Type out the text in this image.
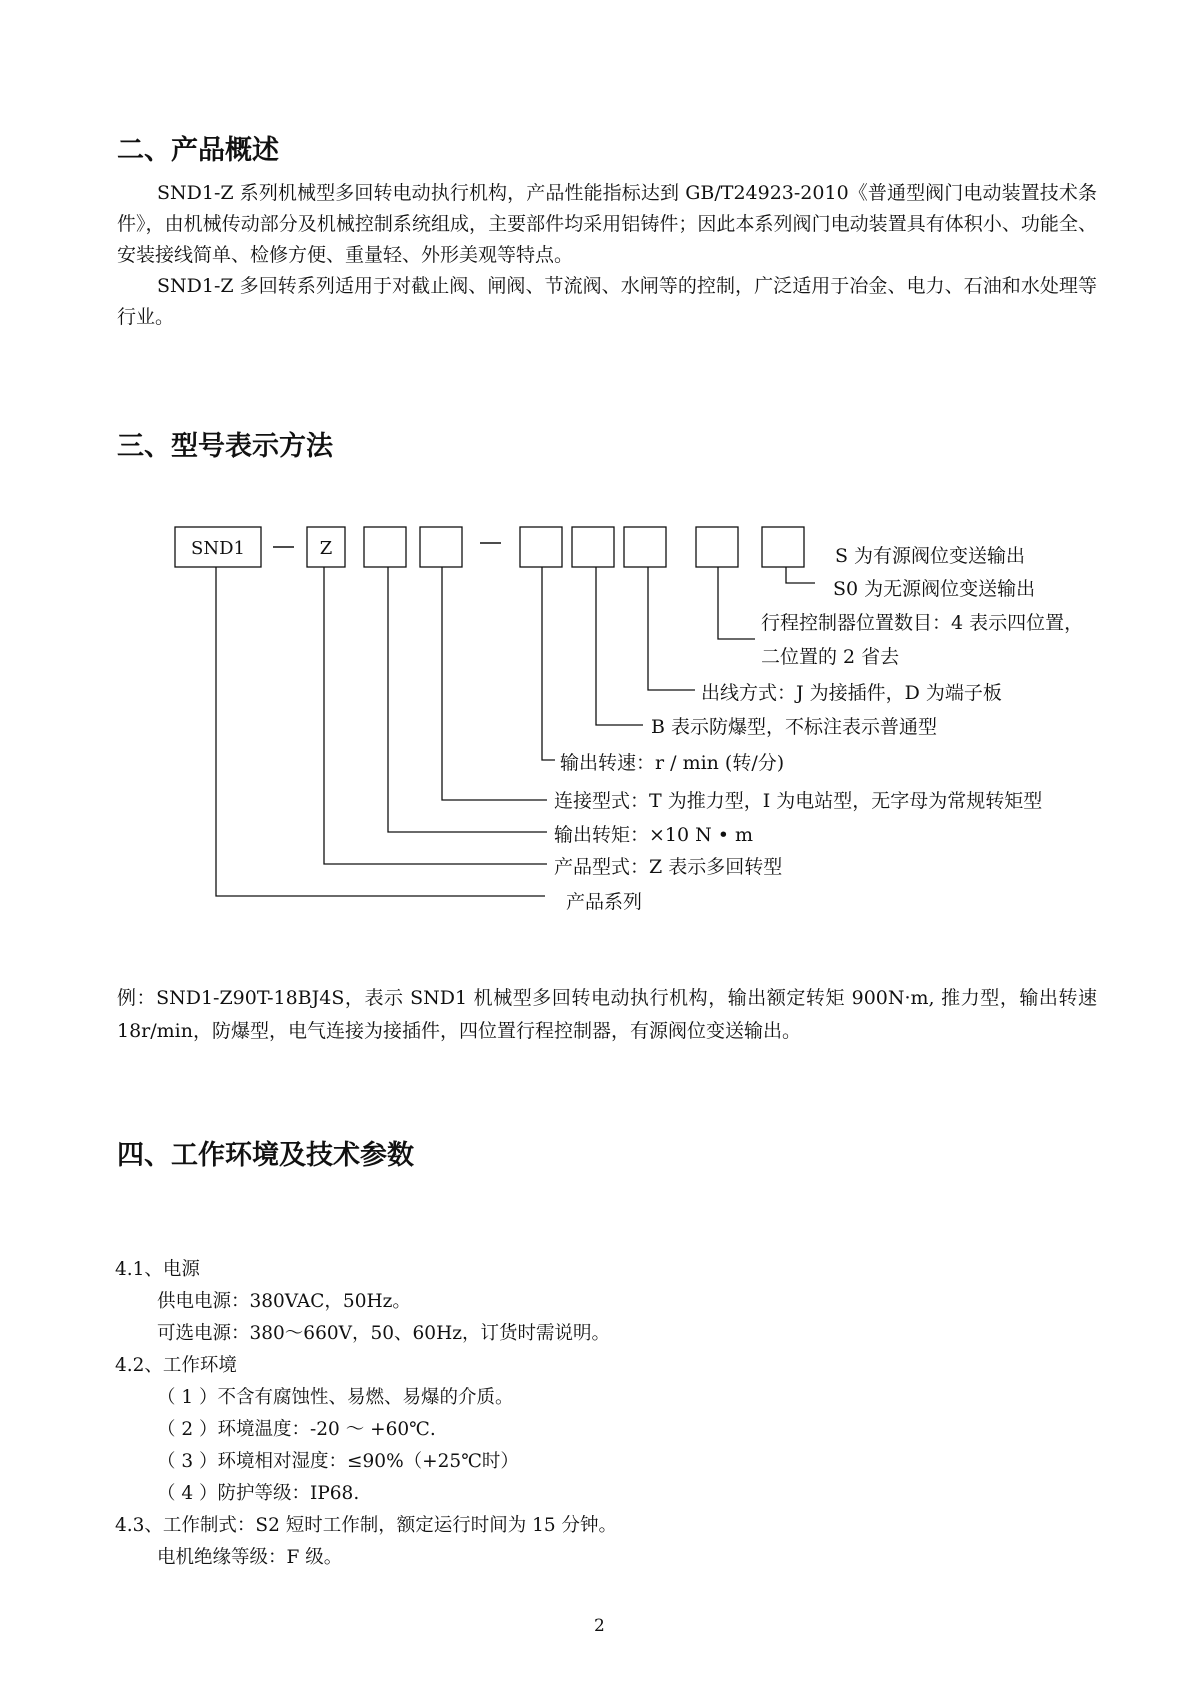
二、产品概述

SND1-Z 系列机械型多回转电动执行机构，产品性能指标达到 GB/T24923-2010《普通型阀门电动装置技术条件》，由机械传动部分及机械控制系统组成，主要部件均采用铝铸件；因此本系列阀门电动装置具有体积小、功能全、安装接线简单、检修方便、重量轻、外形美观等特点。

SND1-Z 多回转系列适用于对截止阀、闸阀、节流阀、水闸等的控制，广泛适用于冶金、电力、石油和水处理等行业。

三、型号表示方法
SND1	Z	S 为有源阀位变送输出
S0 为无源阀位变送输出
行程控制器位置数目：4 表示四位置，
二位置的 2 省去
出线方式：J 为接插件，D 为端子板
B 表示防爆型，不标注表示普通型
输出转速：r / min (转/分)
连接型式：T 为推力型，I 为电站型，无字母为常规转矩型
输出转矩：×10 N • m
产品型式：Z 表示多回转型
产品系列
例：SND1-Z90T-18BJ4S，表示 SND1 机械型多回转电动执行机构，输出额定转矩 900N·m, 推力型，输出转速 18r/min，防爆型，电气连接为接插件，四位置行程控制器，有源阀位变送输出。
四、工作环境及技术参数
4.1、电源
供电电源：380VAC，50Hz。
可选电源：380～660V，50、60Hz，订货时需说明。
4.2、工作环境
（ 1 ）不含有腐蚀性、易燃、易爆的介质。
（ 2 ）环境温度：-20 ～ +60℃.
（ 3 ）环境相对湿度：≤90%（+25℃时）
（ 4 ）防护等级：IP68.
4.3、工作制式：S2 短时工作制，额定运行时间为 15 分钟。
电机绝缘等级：F 级。
2
